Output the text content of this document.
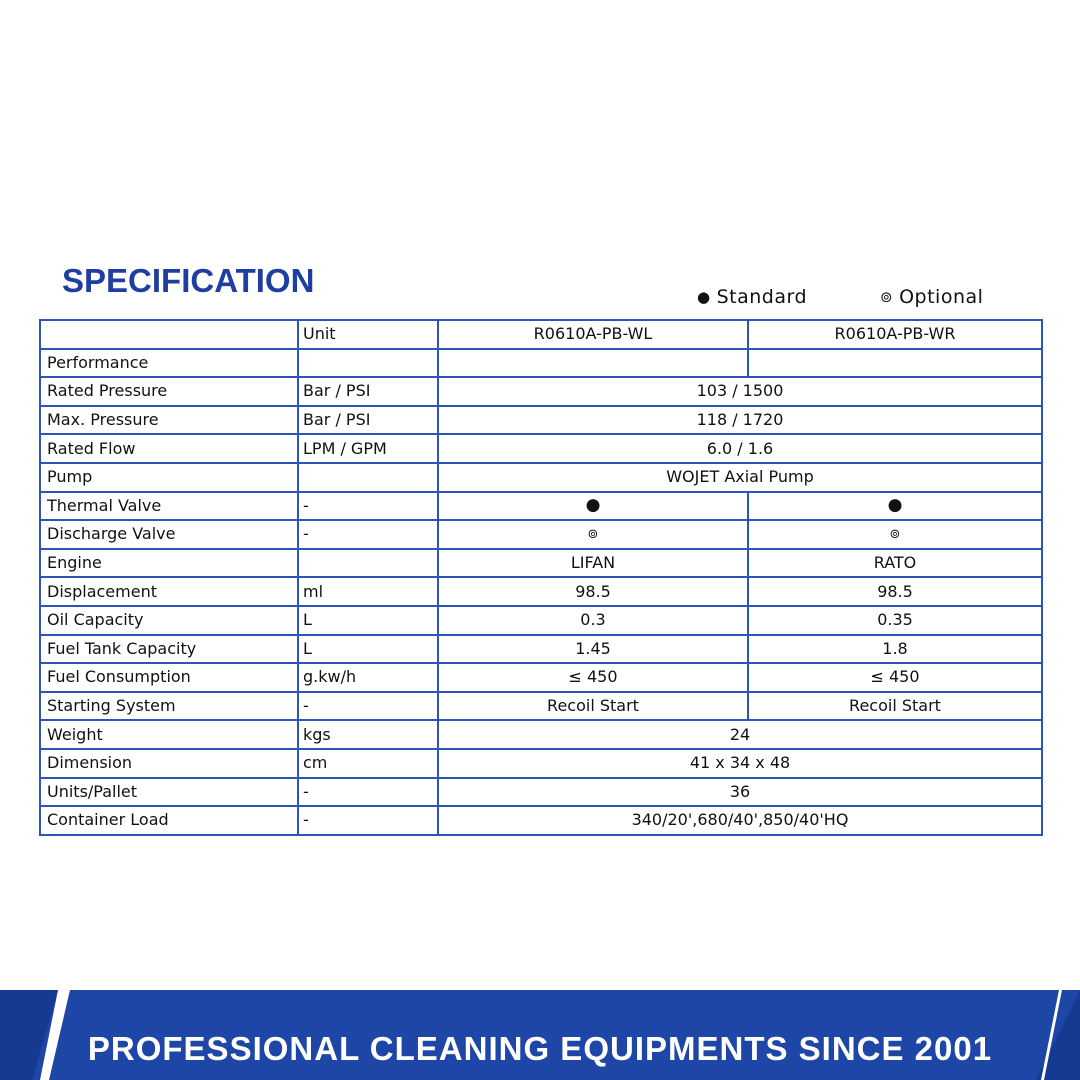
SPECIFICATION	● Standard	⊚ Optional
	Unit	R0610A-PB-WL	R0610A-PB-WR
Performance			
Rated Pressure	Bar / PSI	103 / 1500	
Max. Pressure	Bar / PSI	118 / 1720	
Rated Flow	LPM / GPM	6.0 / 1.6	
Pump		WOJET Axial Pump	
Thermal Valve	-	●	●
Discharge Valve	-	⊚	⊚
Engine		LIFAN	RATO
Displacement	ml	98.5	98.5
Oil Capacity	L	0.3	0.35
Fuel Tank Capacity	L	1.45	1.8
Fuel Consumption	g.kw/h	≤ 450	≤ 450
Starting System	-	Recoil Start	Recoil Start
Weight	kgs	24	
Dimension	cm	41 x 34 x 48	
Units/Pallet	-	36	
Container Load	-	340/20',680/40',850/40'HQ	
PROFESSIONAL CLEANING EQUIPMENTS SINCE 2001
